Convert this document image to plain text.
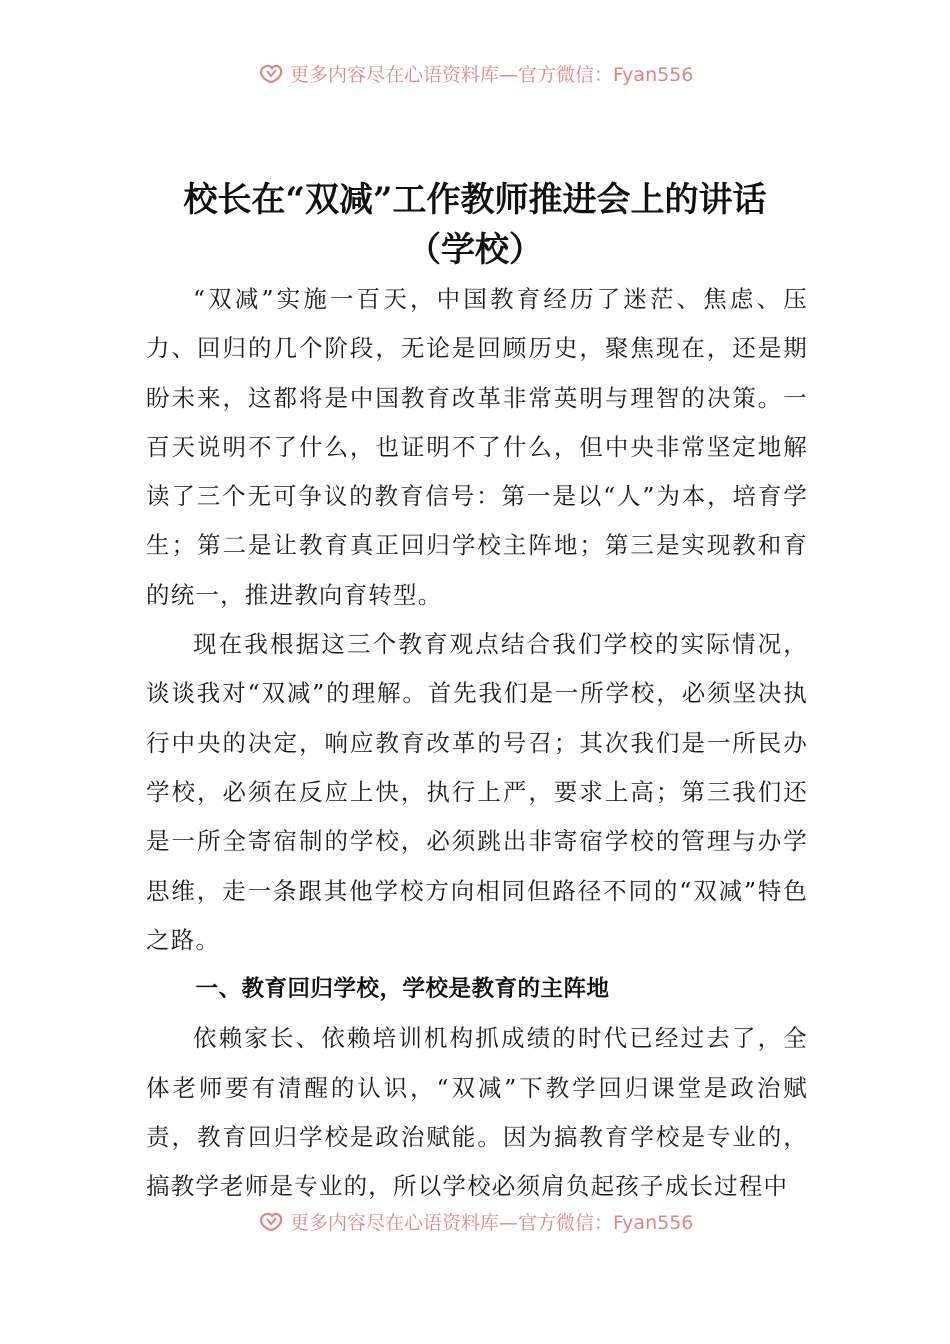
更多内容尽在心语资料库—官方微信：Fyan556
校长在“双减”工作教师推进会上的讲话
（学校）

“双减”实施一百天，中国教育经历了迷茫、焦虑、压力、回归的几个阶段，无论是回顾历史，聚焦现在，还是期盼未来，这都将是中国教育改革非常英明与理智的决策。一百天说明不了什么，也证明不了什么，但中央非常坚定地解读了三个无可争议的教育信号：第一是以“人”为本，培育学生；第二是让教育真正回归学校主阵地；第三是实现教和育的统一，推进教向育转型。

现在我根据这三个教育观点结合我们学校的实际情况，谈谈我对“双减”的理解。首先我们是一所学校，必须坚决执行中央的决定，响应教育改革的号召；其次我们是一所民办学校，必须在反应上快，执行上严，要求上高；第三我们还是一所全寄宿制的学校，必须跳出非寄宿学校的管理与办学思维，走一条跟其他学校方向相同但路径不同的“双减”特色之路。

一、教育回归学校，学校是教育的主阵地

依赖家长、依赖培训机构抓成绩的时代已经过去了，全体老师要有清醒的认识，“双减”下教学回归课堂是政治赋责，教育回归学校是政治赋能。因为搞教育学校是专业的，搞教学老师是专业的，所以学校必须肩负起孩子成长过程中

更多内容尽在心语资料库—官方微信：Fyan556
